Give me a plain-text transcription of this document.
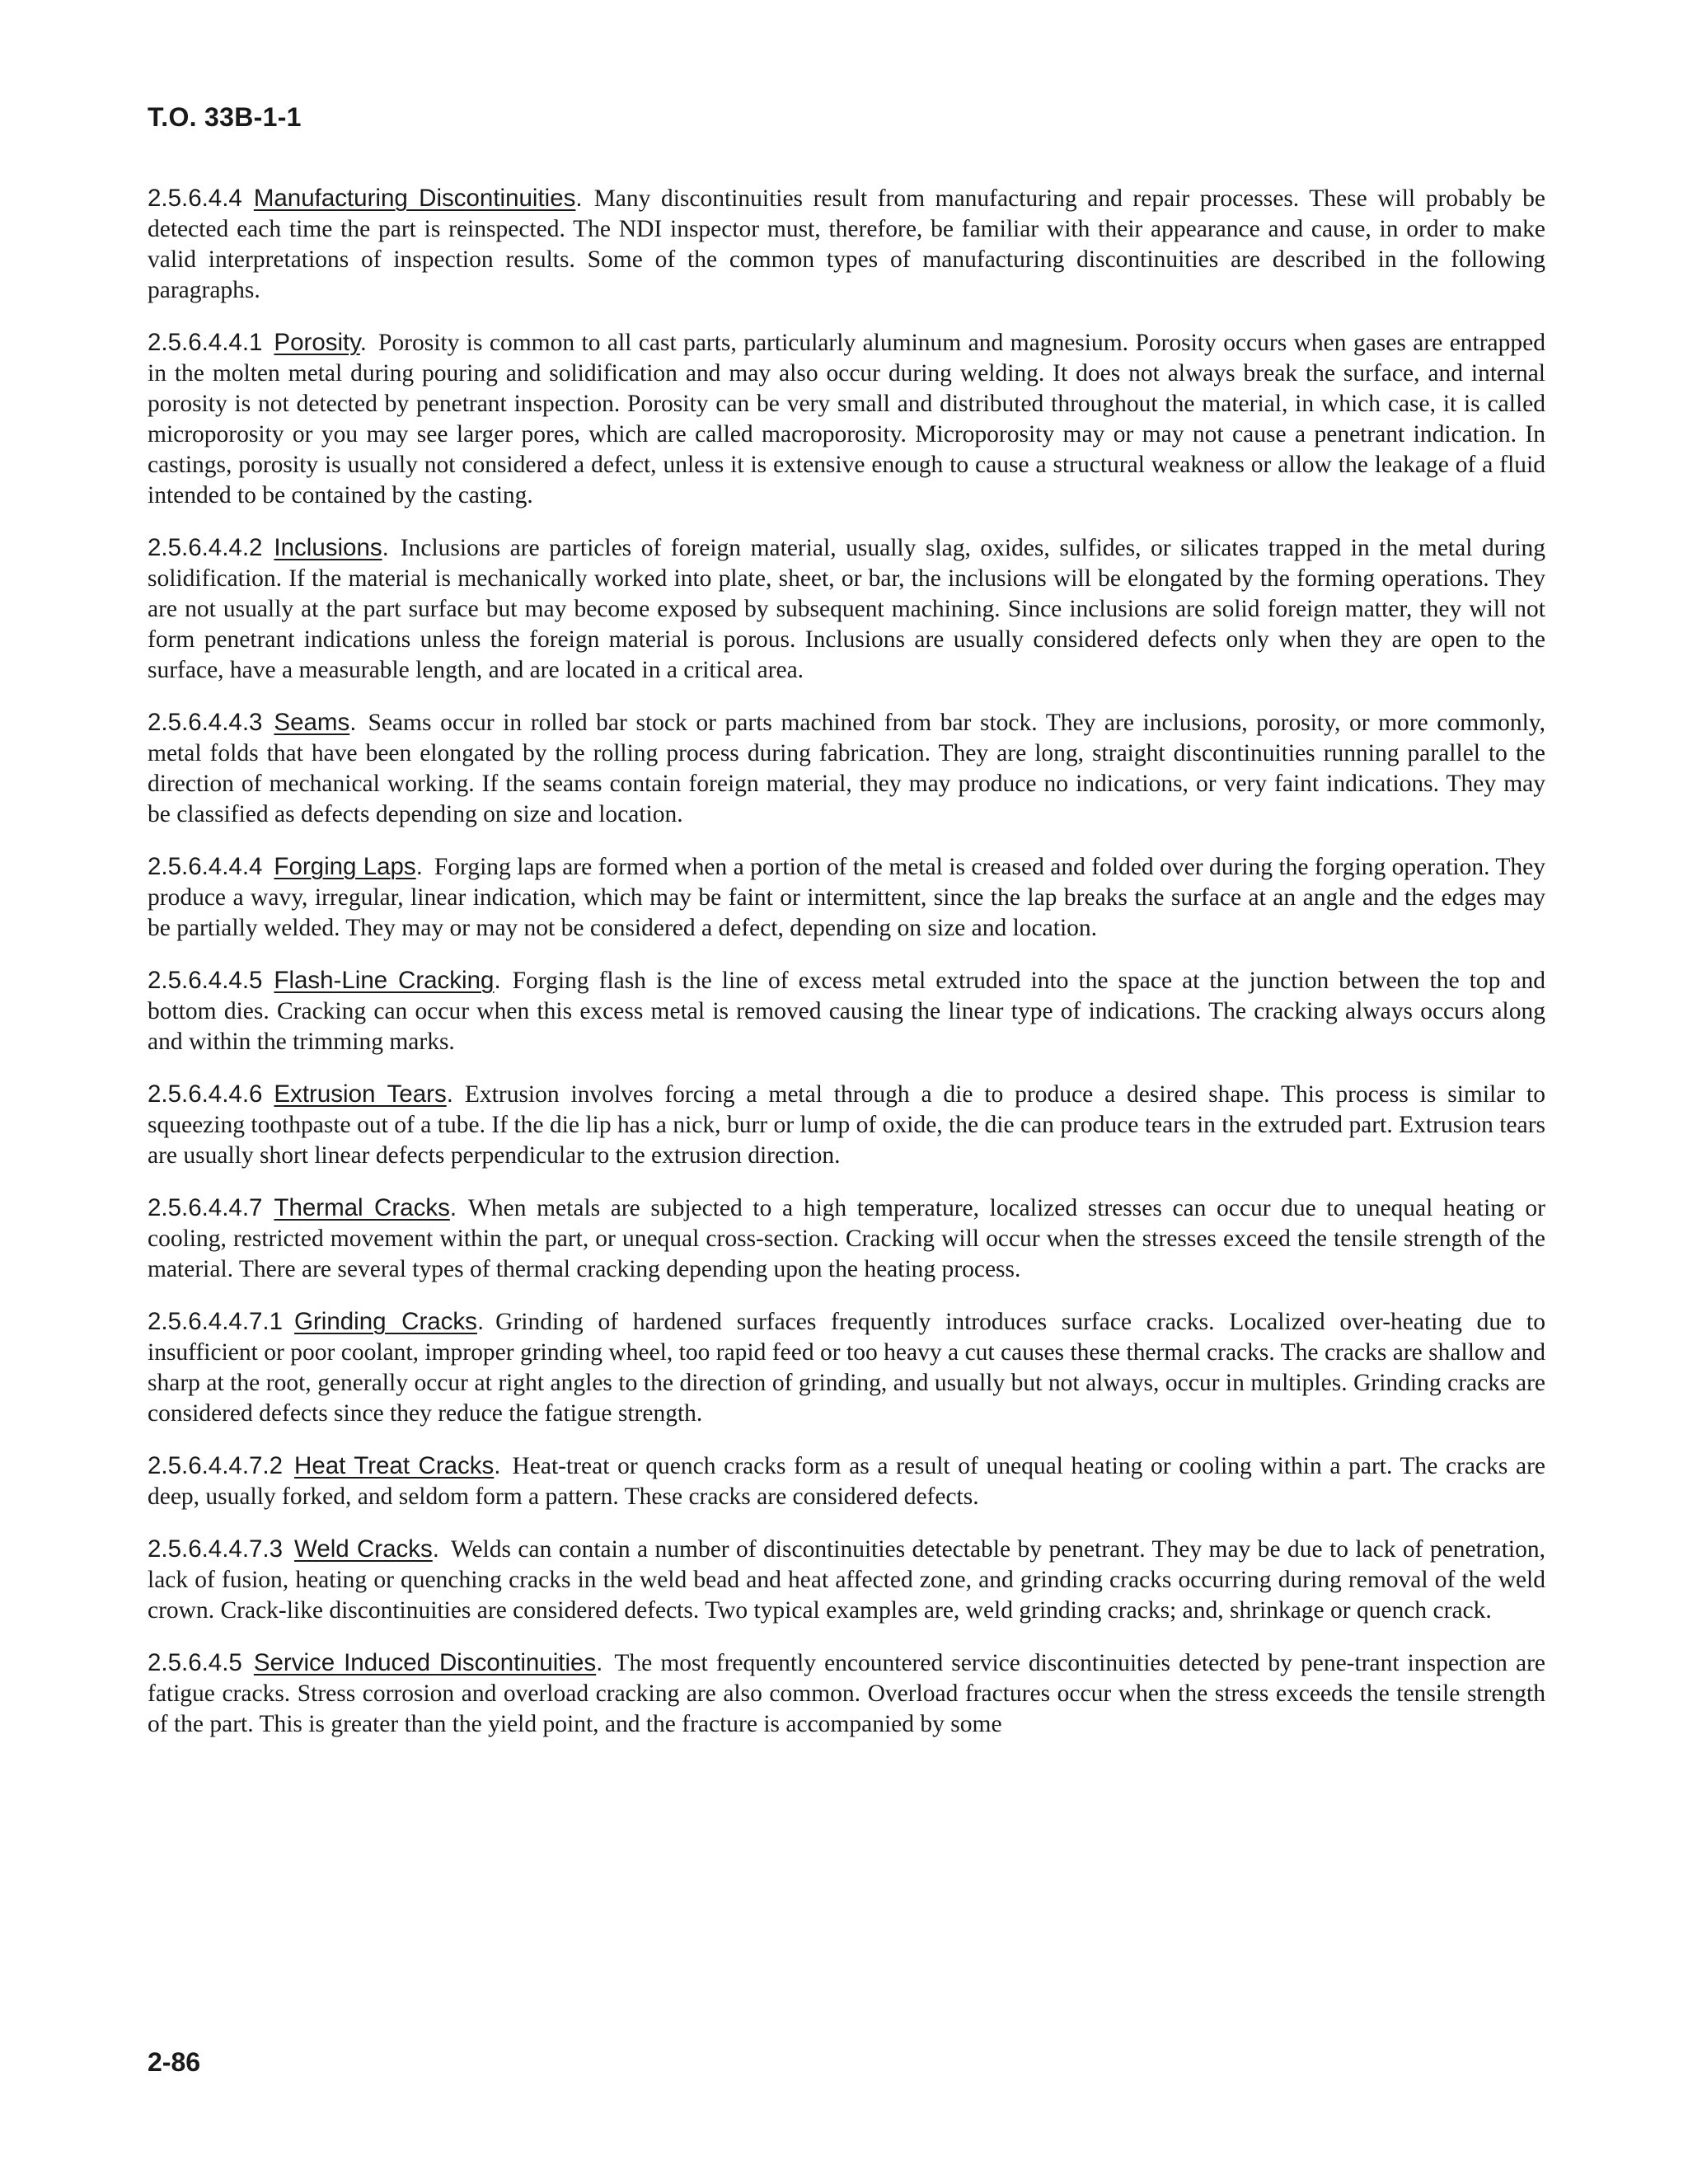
T.O. 33B-1-1

2.5.6.4.4 Manufacturing Discontinuities. Many discontinuities result from manufacturing and repair processes. These will probably be detected each time the part is reinspected. The NDI inspector must, therefore, be familiar with their appearance and cause, in order to make valid interpretations of inspection results. Some of the common types of manufacturing discontinuities are described in the following paragraphs.

2.5.6.4.4.1 Porosity. Porosity is common to all cast parts, particularly aluminum and magnesium. Porosity occurs when gases are entrapped in the molten metal during pouring and solidification and may also occur during welding. It does not always break the surface, and internal porosity is not detected by penetrant inspection. Porosity can be very small and distributed throughout the material, in which case, it is called microporosity or you may see larger pores, which are called macroporosity. Microporosity may or may not cause a penetrant indication. In castings, porosity is usually not considered a defect, unless it is extensive enough to cause a structural weakness or allow the leakage of a fluid intended to be contained by the casting.

2.5.6.4.4.2 Inclusions. Inclusions are particles of foreign material, usually slag, oxides, sulfides, or silicates trapped in the metal during solidification. If the material is mechanically worked into plate, sheet, or bar, the inclusions will be elongated by the forming operations. They are not usually at the part surface but may become exposed by subsequent machining. Since inclusions are solid foreign matter, they will not form penetrant indications unless the foreign material is porous. Inclusions are usually considered defects only when they are open to the surface, have a measurable length, and are located in a critical area.

2.5.6.4.4.3 Seams. Seams occur in rolled bar stock or parts machined from bar stock. They are inclusions, porosity, or more commonly, metal folds that have been elongated by the rolling process during fabrication. They are long, straight discontinuities running parallel to the direction of mechanical working. If the seams contain foreign material, they may produce no indications, or very faint indications. They may be classified as defects depending on size and location.

2.5.6.4.4.4 Forging Laps. Forging laps are formed when a portion of the metal is creased and folded over during the forging operation. They produce a wavy, irregular, linear indication, which may be faint or intermittent, since the lap breaks the surface at an angle and the edges may be partially welded. They may or may not be considered a defect, depending on size and location.

2.5.6.4.4.5 Flash-Line Cracking. Forging flash is the line of excess metal extruded into the space at the junction between the top and bottom dies. Cracking can occur when this excess metal is removed causing the linear type of indications. The cracking always occurs along and within the trimming marks.

2.5.6.4.4.6 Extrusion Tears. Extrusion involves forcing a metal through a die to produce a desired shape. This process is similar to squeezing toothpaste out of a tube. If the die lip has a nick, burr or lump of oxide, the die can produce tears in the extruded part. Extrusion tears are usually short linear defects perpendicular to the extrusion direction.

2.5.6.4.4.7 Thermal Cracks. When metals are subjected to a high temperature, localized stresses can occur due to unequal heating or cooling, restricted movement within the part, or unequal cross-section. Cracking will occur when the stresses exceed the tensile strength of the material. There are several types of thermal cracking depending upon the heating process.

2.5.6.4.4.7.1 Grinding Cracks. Grinding of hardened surfaces frequently introduces surface cracks. Localized over-heating due to insufficient or poor coolant, improper grinding wheel, too rapid feed or too heavy a cut causes these thermal cracks. The cracks are shallow and sharp at the root, generally occur at right angles to the direction of grinding, and usually but not always, occur in multiples. Grinding cracks are considered defects since they reduce the fatigue strength.

2.5.6.4.4.7.2 Heat Treat Cracks. Heat-treat or quench cracks form as a result of unequal heating or cooling within a part. The cracks are deep, usually forked, and seldom form a pattern. These cracks are considered defects.

2.5.6.4.4.7.3 Weld Cracks. Welds can contain a number of discontinuities detectable by penetrant. They may be due to lack of penetration, lack of fusion, heating or quenching cracks in the weld bead and heat affected zone, and grinding cracks occurring during removal of the weld crown. Crack-like discontinuities are considered defects. Two typical examples are, weld grinding cracks; and, shrinkage or quench crack.

2.5.6.4.5 Service Induced Discontinuities. The most frequently encountered service discontinuities detected by pene-trant inspection are fatigue cracks. Stress corrosion and overload cracking are also common. Overload fractures occur when the stress exceeds the tensile strength of the part. This is greater than the yield point, and the fracture is accompanied by some

2-86
